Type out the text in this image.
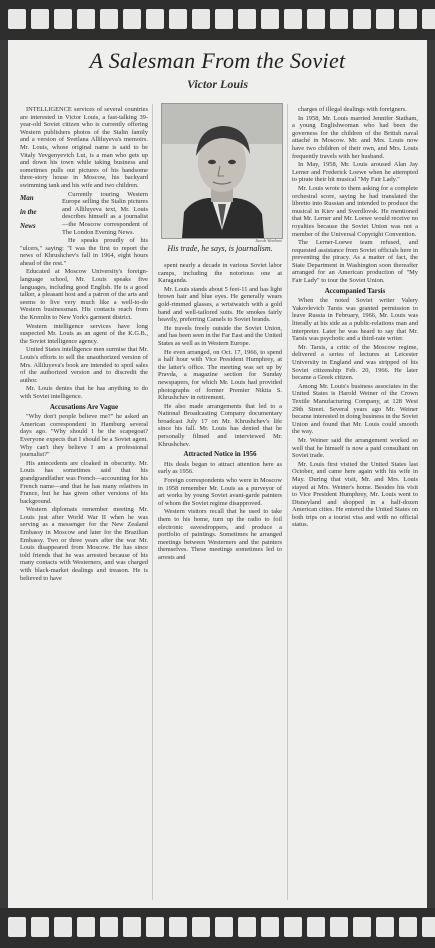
A Salesman From the Soviet
Victor Louis

INTELLIGENCE services of several countries are interested in Victor Louis, a fast-talking 39-year-old Soviet citizen who is currently offering Western publishers photos of the Stalin family and a version of Svetlana Alliluyeva's memoirs. Mr. Louis, whose original name is said to be Vitaly Yevgenyevich Lui, is a man who gets up and down his town while taking business and sometimes pulls out pictures of his handsome three-story house in Moscow, his backyard swimming tank and his wife and two children.

Man
in the
News

Currently touring Western Europe selling the Stalin pictures and Alliluyeva text, Mr. Louis describes himself as a journalist—the Moscow correspondent of The London Evening News.

He speaks proudly of his "ulcers," saying: "I was the first to report the news of Khrushchev's fall in 1964, eight hours ahead of the rest."

Educated at Moscow University's foreign-language school, Mr. Louis speaks five languages, including good English. He is a good talker, a pleasant host and a patron of the arts and seems to live very much like a well-to-do Western businessman. His contacts reach from the Kremlin to New York's garment district.

Western intelligence services have long suspected Mr. Louis as an agent of the K.G.B., the Soviet intelligence agency.

United States intelligence men surmise that Mr. Louis's efforts to sell the unauthorized version of Mrs. Alliluyeva's book are intended to spoil sales of the authorized version and to discredit the author.

Mr. Louis denies that he has anything to do with Soviet intelligence.

Accusations Are Vague

"Why don't people believe me?" he asked an American correspondent in Hamburg several days ago. "Why should I be the scapegoat? Everyone expects that I should be a Soviet agent. Why can't they believe I am a professional journalist?"

His antecedents are cloaked in obscurity. Mr. Louis has sometimes said that his grandgrandfather was French—accounting for his French name—and that he has many relatives in France, but he has given other versions of his background.

Western diplomats remember meeting Mr. Louis just after World War II when he was serving as a messenger for the New Zealand Embassy in Moscow and later for the Brazilian Embassy. Two or three years after the war Mr. Louis disappeared from Moscow. He has since told friends that he was arrested because of his many contacts with Westerners, and was charged with black-market dealings and treason. He is believed to have

Jacob Warbow
His trade, he says, is journalism.

spent nearly a decade in various Soviet labor camps, including the notorious one at Karaganda.

Mr. Louis stands about 5 feet-11 and has light brown hair and blue eyes. He generally wears gold-rimmed glasses, a wristwatch with a gold band and well-tailored suits. He smokes fairly heavily, preferring Camels to Soviet brands.

He travels freely outside the Soviet Union, and has been seen in the Far East and the United States as well as in Western Europe.

He even arranged, on Oct. 17, 1966, to spend a half hour with Vice President Humphrey, at the latter's office. The meeting was set up by Pravda, a magazine section for Sunday newspapers, for which Mr. Louis had provided photographs of former Premier Nikita S. Khrushchev in retirement.

He also made arrangements that led to a National Broadcasting Company documentary broadcast July 17 on Mr. Khrushchev's life since his fall. Mr. Louis has denied that he personally filmed and interviewed Mr. Khrushchev.

Attracted Notice in 1956

His deals began to attract attention here as early as 1956.

Foreign correspondents who were in Moscow in 1958 remember Mr. Louis as a purveyor of art works by young Soviet avant-garde painters of whom the Soviet regime disapproved.

Western visitors recall that he used to take them to his home, turn up the radio to foil electronic eavesdroppers, and produce a portfolio of paintings. Sometimes he arranged meetings between Westerners and the painters themselves. These meetings sometimes led to arrests and

charges of illegal dealings with foreigners.

In 1958, Mr. Louis married Jennifer Statham, a young Englishwoman who had been the governess for the children of the British naval attaché in Moscow. Mr. and Mrs. Louis now have two children of their own, and Mrs. Louis frequently travels with her husband.

In May, 1958, Mr. Louis aroused Alan Jay Lerner and Frederick Loewe when he attempted to pirate their hit musical "My Fair Lady."

Mr. Louis wrote to them asking for a complete orchestral score, saying he had translated the libretto into Russian and intended to produce the musical in Kiev and Sverdlovsk. He mentioned that Mr. Lerner and Mr. Loewe would receive no royalties because the Soviet Union was not a member of the Universal Copyright Convention.

The Lerner-Loewe team refused, and requested assistance from Soviet officials here in preventing the piracy. As a matter of fact, the State Department in Washington soon thereafter arranged for an American production of "My Fair Lady" to tour the Soviet Union.

Accompanied Tarsis

When the noted Soviet writer Valery Yakovlevich Tarsis was granted permission to leave Russia in February, 1966, Mr. Louis was literally at his side as a public-relations man and interpreter. Later he was heard to say that Mr. Tarsis was psychotic and a third-rate writer.

Mr. Tarsis, a critic of the Moscow regime, delivered a series of lectures at Leicester University in England and was stripped of his Soviet citizenship Feb. 20, 1966. He later became a Greek citizen.

Among Mr. Louis's business associates in the United States is Harold Weiner of the Crown Textile Manufacturing Company, at 128 West 29th Street. Several years ago Mr. Weiner became interested in doing business in the Soviet Union and found that Mr. Louis could smooth the way.

Mr. Weiner said the arrangement worked so well that he himself is now a paid consultant on Soviet trade.

Mr. Louis first visited the United States last October, and came here again with his wife in May. During that visit, Mr. and Mrs. Louis stayed at Mrs. Weiner's home. Besides his visit to Vice President Humphrey, Mr. Louis went to Disneyland and shopped in a half-dozen American cities. He entered the United States on both trips on a tourist visa and with no official status.
